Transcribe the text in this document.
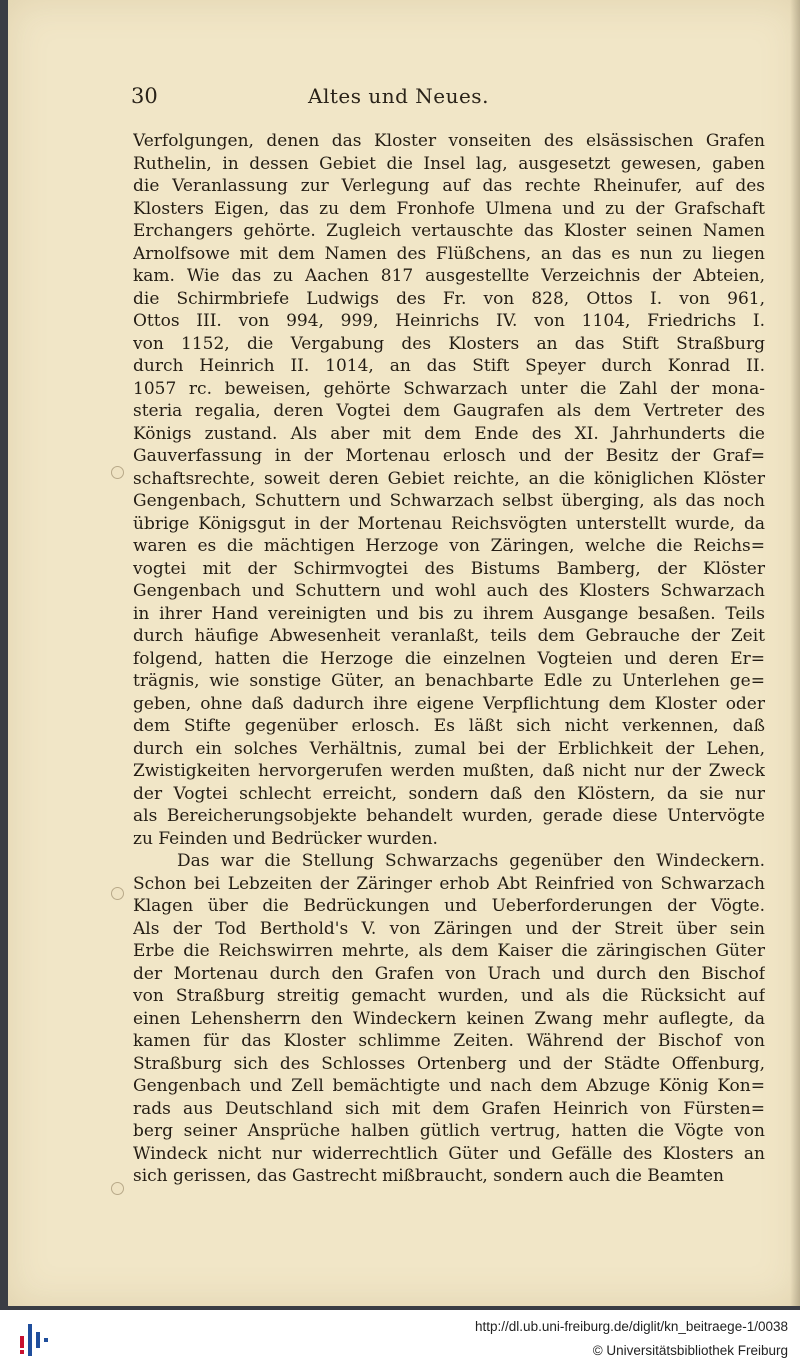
30	Altes und Neues.
Verfolgungen, denen das Kloster vonseiten des elsässischen Grafen
Ruthelin, in dessen Gebiet die Insel lag, ausgesetzt gewesen, gaben
die Veranlassung zur Verlegung auf das rechte Rheinufer, auf des
Klosters Eigen, das zu dem Fronhofe Ulmena und zu der Grafschaft
Erchangers gehörte. Zugleich vertauschte das Kloster seinen Namen
Arnolfsowe mit dem Namen des Flüßchens, an das es nun zu liegen
kam. Wie das zu Aachen 817 ausgestellte Verzeichnis der Abteien,
die Schirmbriefe Ludwigs des Fr. von 828, Ottos I. von 961,
Ottos III. von 994, 999, Heinrichs IV. von 1104, Friedrichs I.
von 1152, die Vergabung des Klosters an das Stift Straßburg
durch Heinrich II. 1014, an das Stift Speyer durch Konrad II.
1057 rc. beweisen, gehörte Schwarzach unter die Zahl der mona-
steria regalia, deren Vogtei dem Gaugrafen als dem Vertreter des
Königs zustand. Als aber mit dem Ende des XI. Jahrhunderts die
Gauverfassung in der Mortenau erlosch und der Besitz der Graf=
schaftsrechte, soweit deren Gebiet reichte, an die königlichen Klöster
Gengenbach, Schuttern und Schwarzach selbst überging, als das noch
übrige Königsgut in der Mortenau Reichsvögten unterstellt wurde, da
waren es die mächtigen Herzoge von Zäringen, welche die Reichs=
vogtei mit der Schirmvogtei des Bistums Bamberg, der Klöster
Gengenbach und Schuttern und wohl auch des Klosters Schwarzach
in ihrer Hand vereinigten und bis zu ihrem Ausgange besaßen. Teils
durch häufige Abwesenheit veranlaßt, teils dem Gebrauche der Zeit
folgend, hatten die Herzoge die einzelnen Vogteien und deren Er=
trägnis, wie sonstige Güter, an benachbarte Edle zu Unterlehen ge=
geben, ohne daß dadurch ihre eigene Verpflichtung dem Kloster oder
dem Stifte gegenüber erlosch. Es läßt sich nicht verkennen, daß
durch ein solches Verhältnis, zumal bei der Erblichkeit der Lehen,
Zwistigkeiten hervorgerufen werden mußten, daß nicht nur der Zweck
der Vogtei schlecht erreicht, sondern daß den Klöstern, da sie nur
als Bereicherungsobjekte behandelt wurden, gerade diese Untervögte
zu Feinden und Bedrücker wurden.
Das war die Stellung Schwarzachs gegenüber den Windeckern.
Schon bei Lebzeiten der Zäringer erhob Abt Reinfried von Schwarzach
Klagen über die Bedrückungen und Ueberforderungen der Vögte.
Als der Tod Berthold's V. von Zäringen und der Streit über sein
Erbe die Reichswirren mehrte, als dem Kaiser die zäringischen Güter
der Mortenau durch den Grafen von Urach und durch den Bischof
von Straßburg streitig gemacht wurden, und als die Rücksicht auf
einen Lehensherrn den Windeckern keinen Zwang mehr auflegte, da
kamen für das Kloster schlimme Zeiten. Während der Bischof von
Straßburg sich des Schlosses Ortenberg und der Städte Offenburg,
Gengenbach und Zell bemächtigte und nach dem Abzuge König Kon=
rads aus Deutschland sich mit dem Grafen Heinrich von Fürsten=
berg seiner Ansprüche halben gütlich vertrug, hatten die Vögte von
Windeck nicht nur widerrechtlich Güter und Gefälle des Klosters an
sich gerissen, das Gastrecht mißbraucht, sondern auch die Beamten
http://dl.ub.uni-freiburg.de/diglit/kn_beitraege-1/0038
© Universitätsbibliothek Freiburg
